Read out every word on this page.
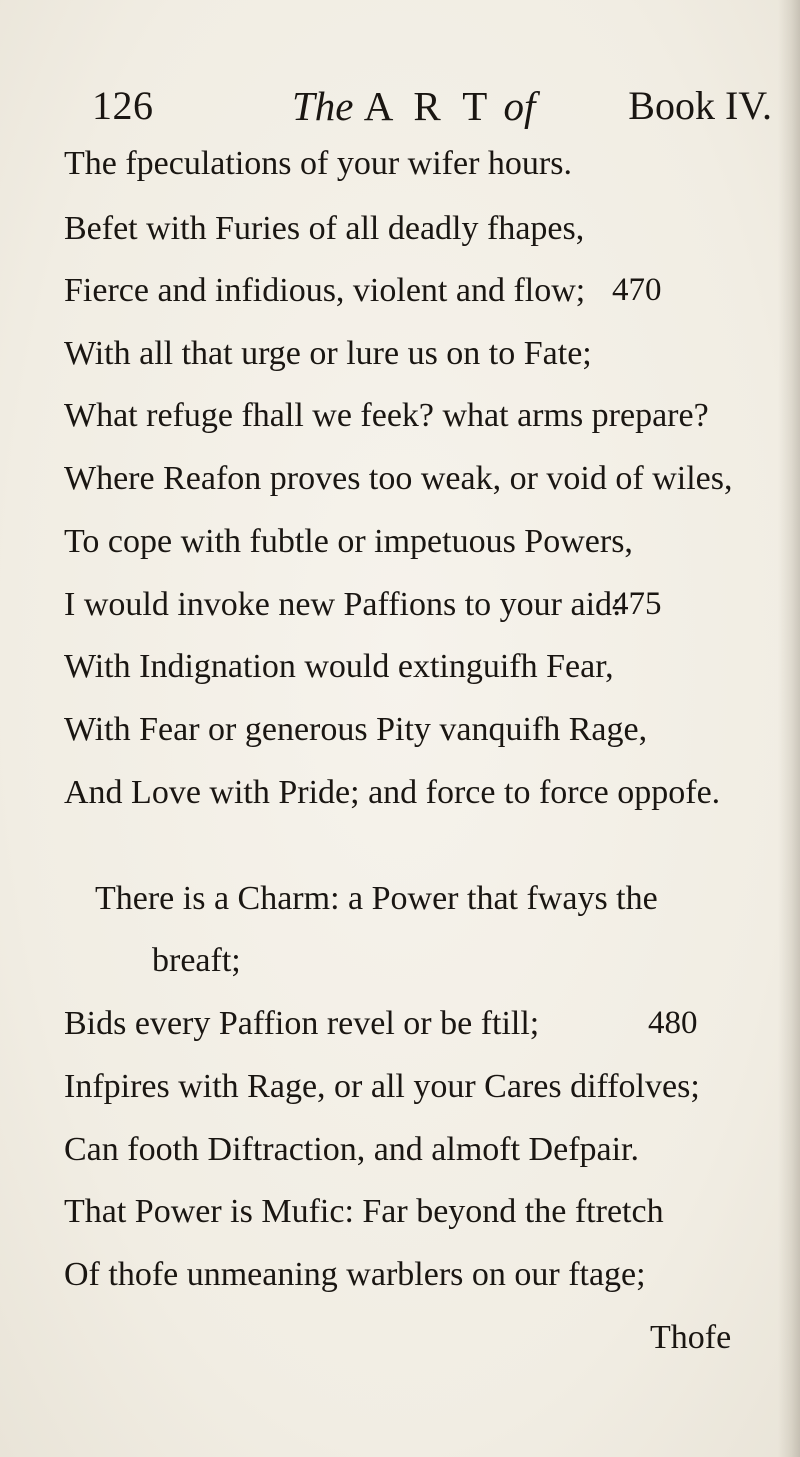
126	The A R T of Book IV.
The fpeculations of your wifer hours.
Befet with Furies of all deadly fhapes,
Fierce and infidious, violent and flow; 470
With all that urge or lure us on to Fate;
What refuge fhall we feek? what arms prepare?
Where Reafon proves too weak, or void of wiles,
To cope with fubtle or impetuous Powers,
I would invoke new Paffions to your aid:
475
With Indignation would extinguifh Fear,
With Fear or generous Pity vanquifh Rage,
And Love with Pride; and force to force oppofe.
There is a Charm: a Power that fways the
breaft;
Bids every Paffion revel or be ftill;	480
Infpires with Rage, or all your Cares diffolves;
Can footh Diftraction, and almoft Defpair.
That Power is Mufic: Far beyond the ftretch
Of thofe unmeaning warblers on our ftage;
Thofe
